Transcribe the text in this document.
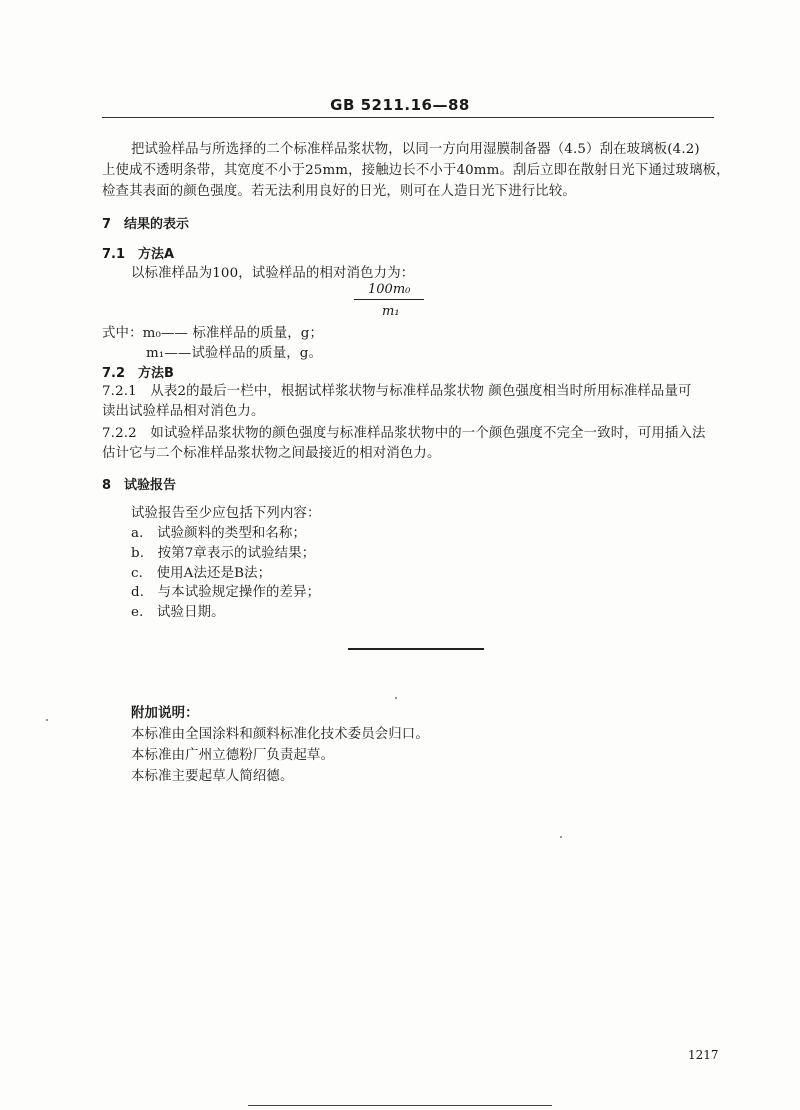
GB 5211.16—88
把试验样品与所选择的二个标准样品浆状物，以同一方向用湿膜制备器（4.5）刮在玻璃板(4.2)
上使成不透明条带，其宽度不小于25mm，接触边长不小于40mm。刮后立即在散射日光下通过玻璃板，
检查其表面的颜色强度。若无法利用良好的日光，则可在人造日光下进行比较。
7　结果的表示
7.1　方法A
以标准样品为100，试验样品的相对消色力为：
100m₀
m₁
式中：m₀—— 标准样品的质量，g；
m₁——试验样品的质量，g。
7.2　方法B
7.2.1　从表2的最后一栏中，根据试样浆状物与标准样品浆状物 颜色强度相当时所用标准样品量可
读出试验样品相对消色力。
7.2.2　如试验样品浆状物的颜色强度与标准样品浆状物中的一个颜色强度不完全一致时，可用插入法
估计它与二个标准样品浆状物之间最接近的相对消色力。
8　试验报告
试验报告至少应包括下列内容：
a.　试验颜料的类型和名称；
b.　按第7章表示的试验结果；
c.　使用A法还是B法；
d.　与本试验规定操作的差异；
e.　试验日期。
附加说明：
本标准由全国涂料和颜料标准化技术委员会归口。
本标准由广州立德粉厂负责起草。
本标准主要起草人简绍德。
1217
